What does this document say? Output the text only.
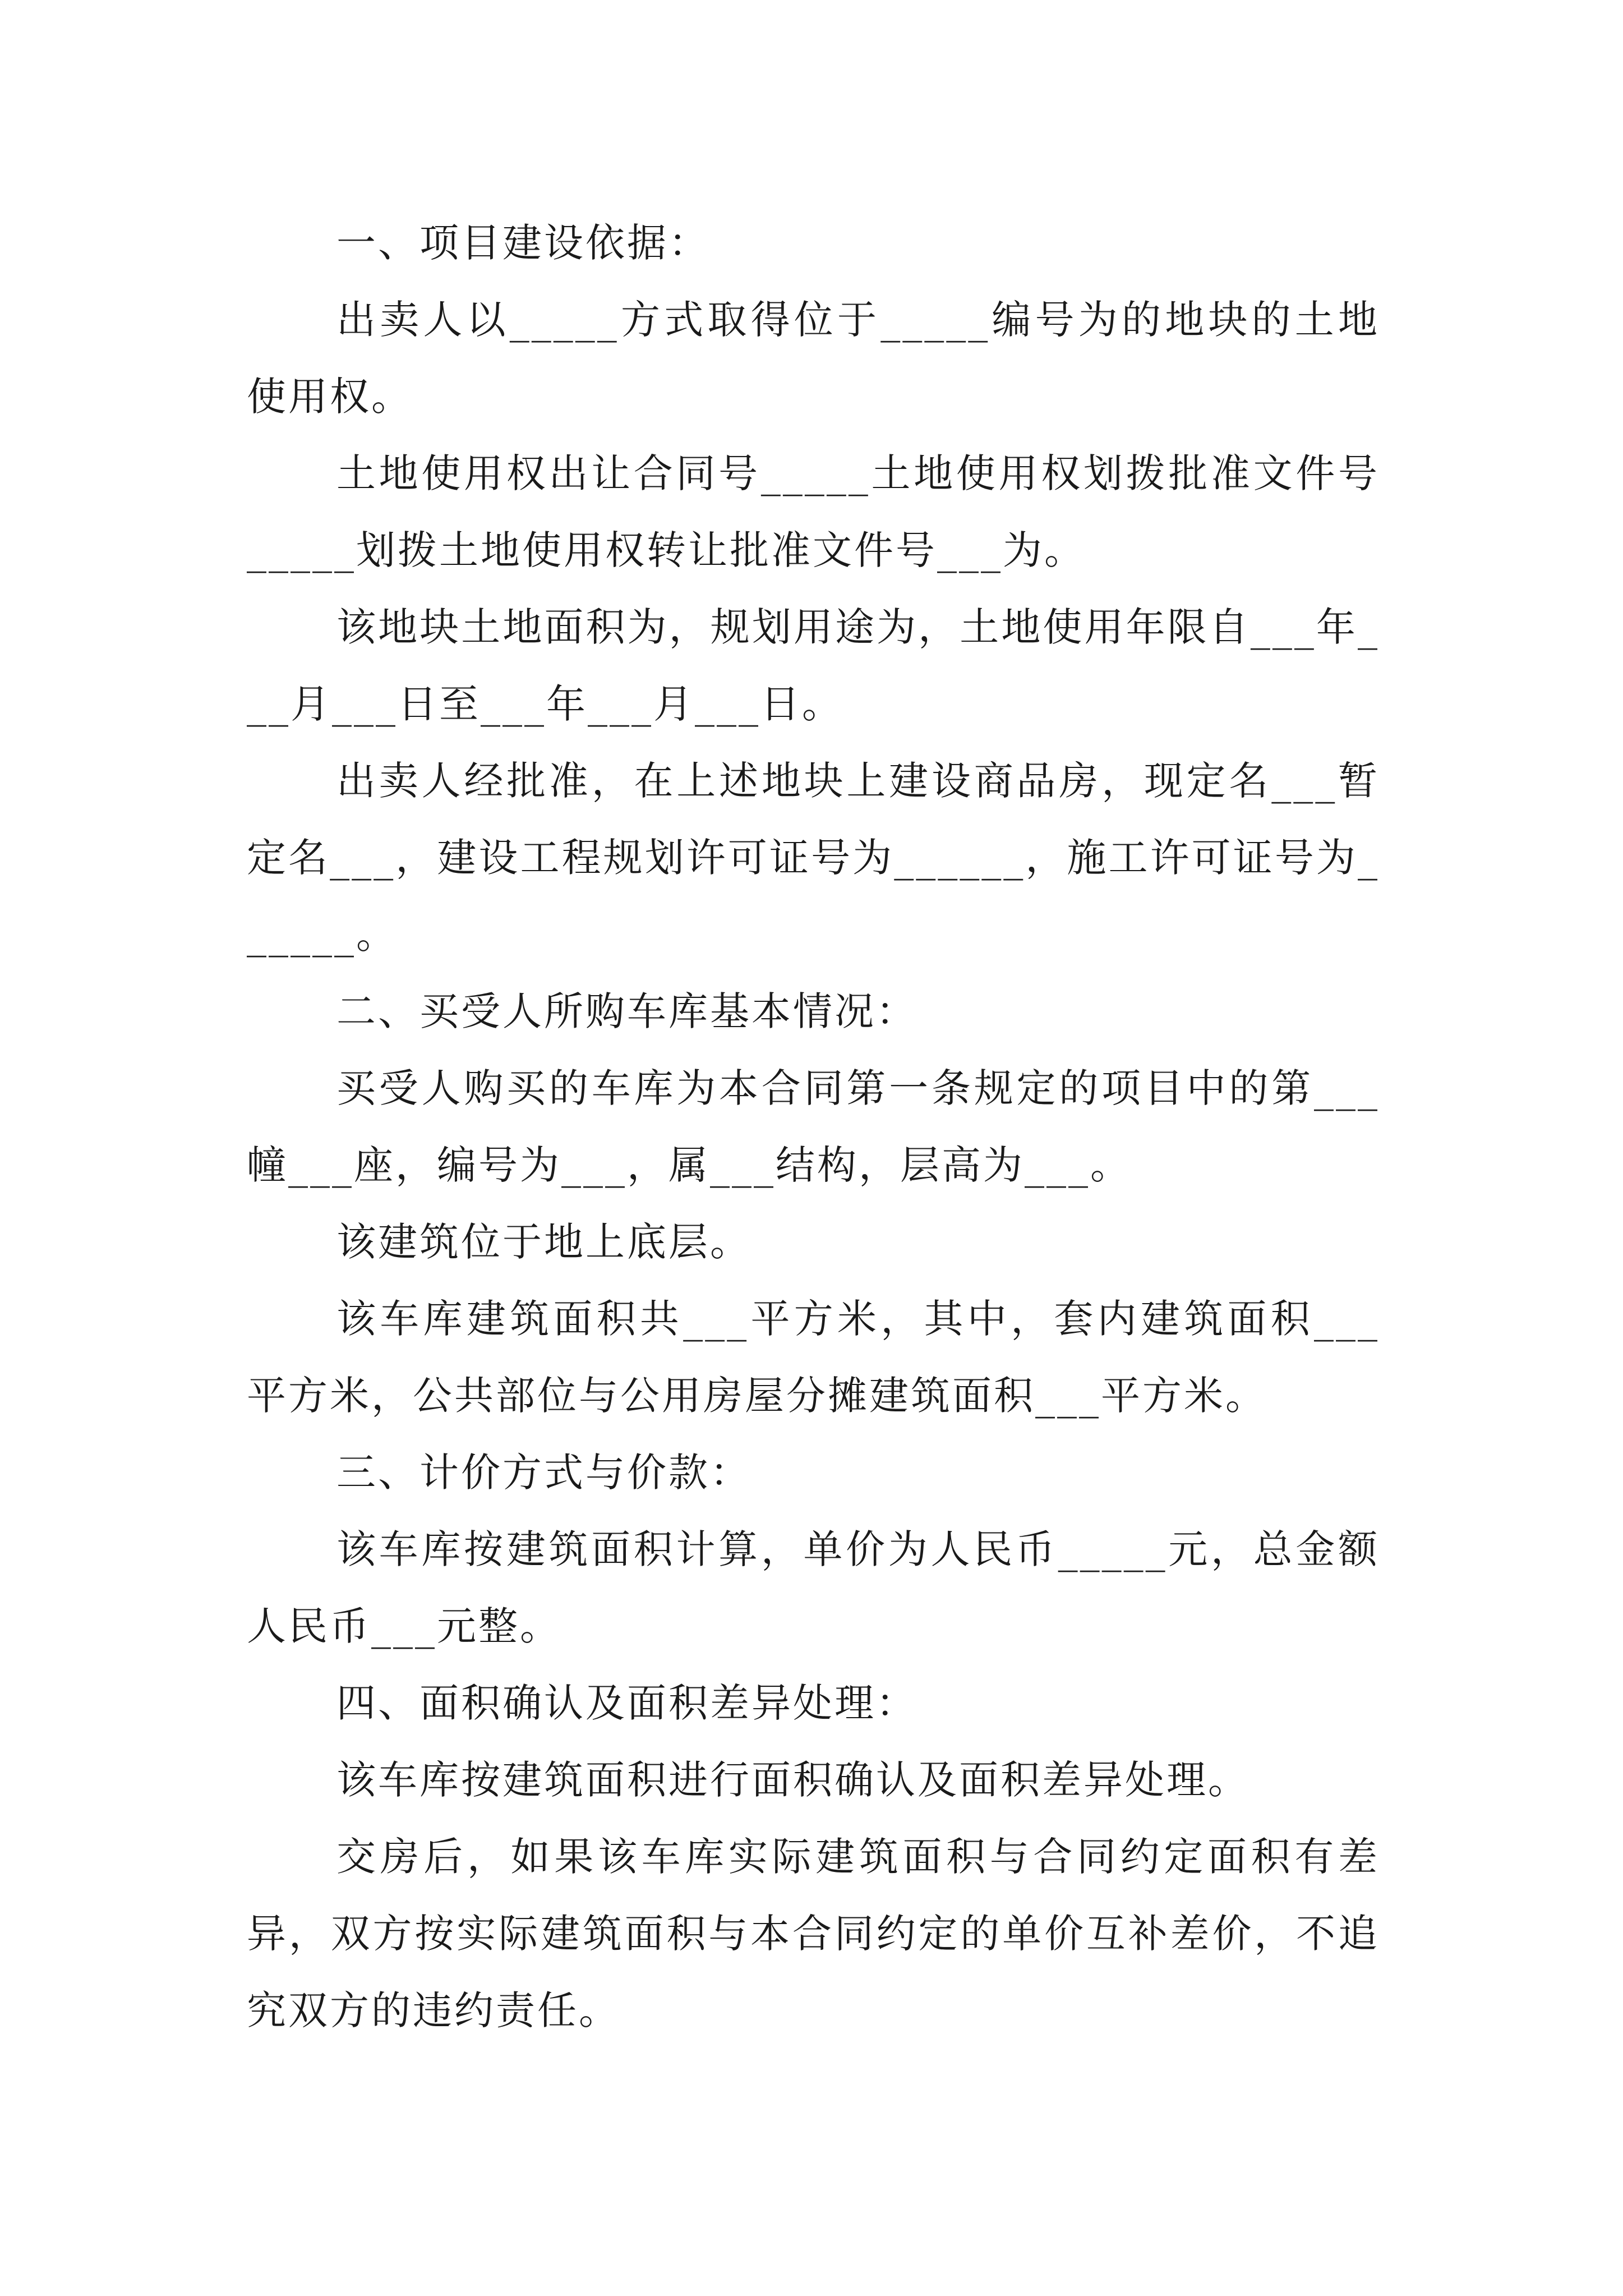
一、项目建设依据：

出卖人以_____方式取得位于_____编号为的地块的土地使用权。

土地使用权出让合同号_____土地使用权划拨批准文件号_____划拨土地使用权转让批准文件号___为。

该地块土地面积为，规划用途为，土地使用年限自___年___月___日至___年___月___日。

出卖人经批准，在上述地块上建设商品房，现定名___暂定名___，建设工程规划许可证号为______，施工许可证号为______。

二、买受人所购车库基本情况：

买受人购买的车库为本合同第一条规定的项目中的第___幢___座，编号为___，属___结构，层高为___。

该建筑位于地上底层。

该车库建筑面积共___平方米，其中，套内建筑面积___平方米，公共部位与公用房屋分摊建筑面积___平方米。

三、计价方式与价款：

该车库按建筑面积计算，单价为人民币_____元，总金额人民币___元整。

四、面积确认及面积差异处理：

该车库按建筑面积进行面积确认及面积差异处理。

交房后，如果该车库实际建筑面积与合同约定面积有差异，双方按实际建筑面积与本合同约定的单价互补差价，不追究双方的违约责任。
